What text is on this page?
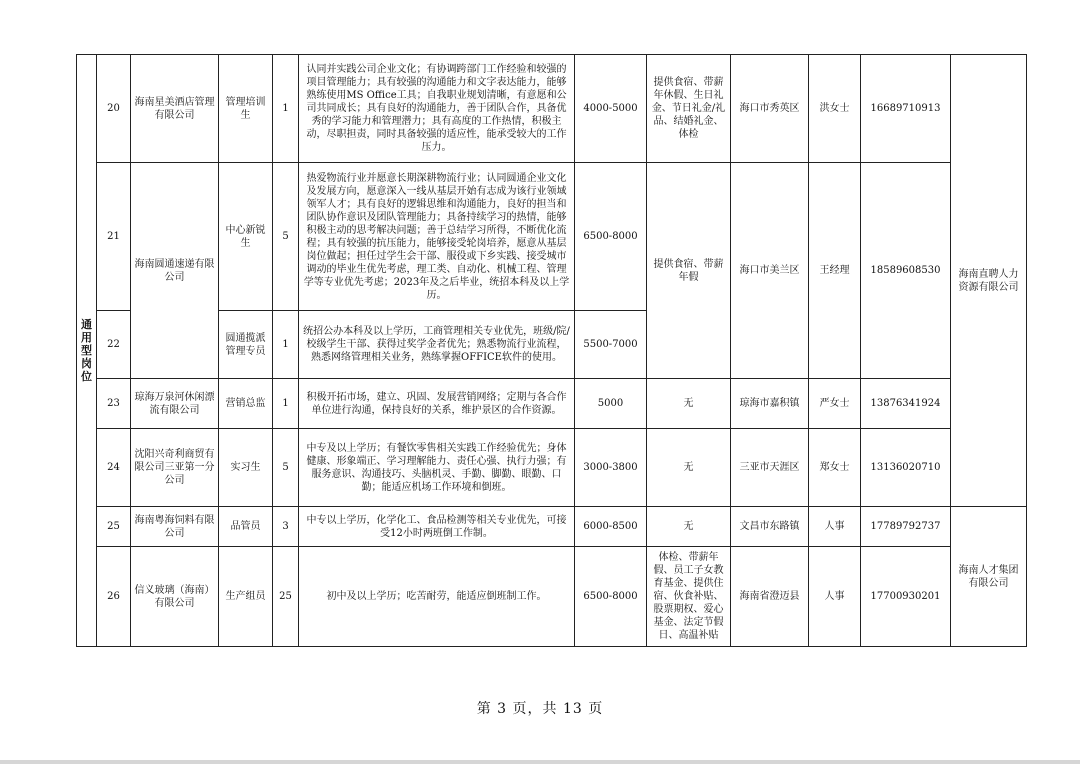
通用型岗位	20	海南星美酒店管理有限公司	管理培训生	1	认同并实践公司企业文化；有协调跨部门工作经验和较强的项目管理能力；具有较强的沟通能力和文字表达能力，能够熟练使用MS Office工具；自我职业规划清晰，有意愿和公司共同成长；具有良好的沟通能力，善于团队合作，具备优秀的学习能力和管理潜力；具有高度的工作热情，积极主动，尽职担责，同时具备较强的适应性，能承受较大的工作压力。	4000-5000	提供食宿、带薪年休假、生日礼金、节日礼金/礼品、结婚礼金、体检	海口市秀英区	洪女士	16689710913	海南直聘人力资源有限公司
	21	海南圆通速递有限公司	中心新锐生	5	热爱物流行业并愿意长期深耕物流行业；认同圆通企业文化及发展方向，愿意深入一线从基层开始有志成为该行业领域领军人才；具有良好的逻辑思维和沟通能力，良好的担当和团队协作意识及团队管理能力；具备持续学习的热情，能够积极主动的思考解决问题；善于总结学习所得，不断优化流程；具有较强的抗压能力，能够接受轮岗培养，愿意从基层岗位做起；担任过学生会干部、服役或下乡实践、接受城市调动的毕业生优先考虑，理工类、自动化、机械工程、管理学等专业优先考虑；2023年及之后毕业，统招本科及以上学历。	6500-8000	提供食宿、带薪年假	海口市美兰区	王经理	18589608530	
	22		圆通揽派管理专员	1	统招公办本科及以上学历，工商管理相关专业优先，班级/院/校级学生干部、获得过奖学金者优先；熟悉物流行业流程，熟悉网络管理相关业务，熟练掌握OFFICE软件的使用。	5500-7000					
	23	琼海万泉河休闲漂流有限公司	营销总监	1	积极开拓市场，建立、巩固、发展营销网络；定期与各合作单位进行沟通，保持良好的关系，维护景区的合作资源。	5000	无	琼海市嘉积镇	严女士	13876341924	
	24	沈阳兴奇利商贸有限公司三亚第一分公司	实习生	5	中专及以上学历；有餐饮零售相关实践工作经验优先；身体健康、形象端正、学习理解能力、责任心强、执行力强；有服务意识、沟通技巧、头脑机灵、手勤、脚勤、眼勤、口勤；能适应机场工作环境和倒班。	3000-3800	无	三亚市天涯区	郑女士	13136020710	
	25	海南粤海饲料有限公司	品管员	3	中专以上学历，化学化工、食品检测等相关专业优先，可接受12小时两班倒工作制。	6000-8500	无	文昌市东路镇	人事	17789792737	海南人才集团有限公司
	26	信义玻璃（海南）有限公司	生产组员	25	初中及以上学历；吃苦耐劳，能适应倒班制工作。	6500-8000	体检、带薪年假、员工子女教育基金、提供住宿、伙食补贴、股票期权、爱心基金、法定节假日、高温补贴	海南省澄迈县	人事	17700930201	
第 3 页，共 13 页
